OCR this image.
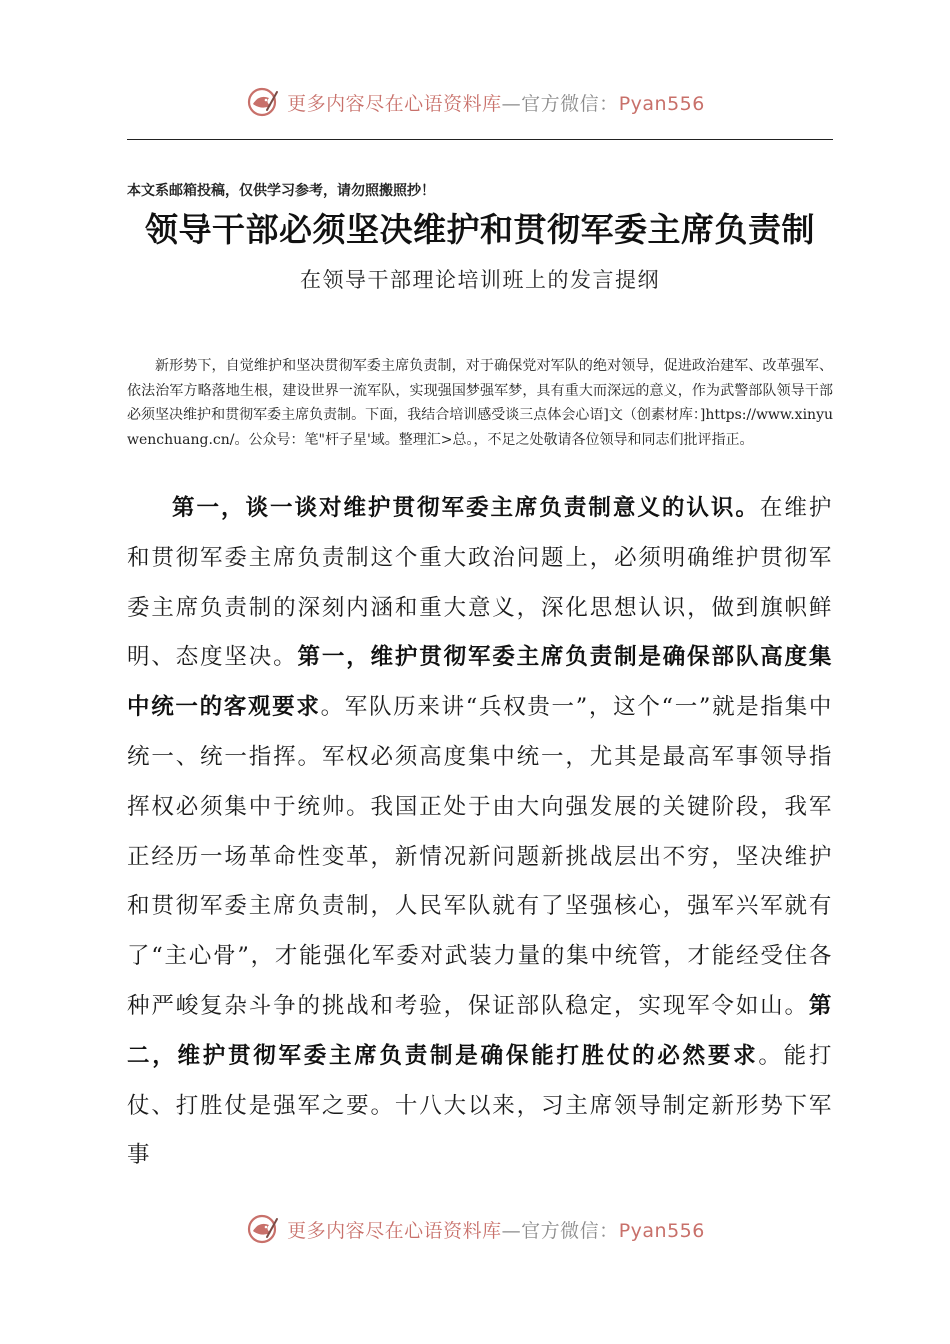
更多内容尽在心语资料库—官方微信：Pyan556
本文系邮箱投稿，仅供学习参考，请勿照搬照抄！
领导干部必须坚决维护和贯彻军委主席负责制
在领导干部理论培训班上的发言提纲
新形势下，自觉维护和坚决贯彻军委主席负责制，对于确保党对军队的绝对领导，促进政治建军、改革强军、依法治军方略落地生根，建设世界一流军队，实现强国梦强军梦，具有重大而深远的意义，作为武警部队领导干部必须坚决维护和贯彻军委主席负责制。下面，我结合培训感受谈三点体会心语]文（创素材库：]https://www.xinyuwenchuang.cn/。公众号：笔"杆子星'域。整理汇>总。，不足之处敬请各位领导和同志们批评指正。
第一，谈一谈对维护贯彻军委主席负责制意义的认识。在维护和贯彻军委主席负责制这个重大政治问题上，必须明确维护贯彻军委主席负责制的深刻内涵和重大意义，深化思想认识，做到旗帜鲜明、态度坚决。第一，维护贯彻军委主席负责制是确保部队高度集中统一的客观要求。军队历来讲“兵权贵一”，这个“一”就是指集中统一、统一指挥。军权必须高度集中统一，尤其是最高军事领导指挥权必须集中于统帅。我国正处于由大向强发展的关键阶段，我军正经历一场革命性变革，新情况新问题新挑战层出不穷，坚决维护和贯彻军委主席负责制，人民军队就有了坚强核心，强军兴军就有了“主心骨”，才能强化军委对武装力量的集中统管，才能经受住各种严峻复杂斗争的挑战和考验，保证部队稳定，实现军令如山。第二，维护贯彻军委主席负责制是确保能打胜仗的必然要求。能打仗、打胜仗是强军之要。十八大以来，习主席领导制定新形势下军事
更多内容尽在心语资料库—官方微信：Pyan556
